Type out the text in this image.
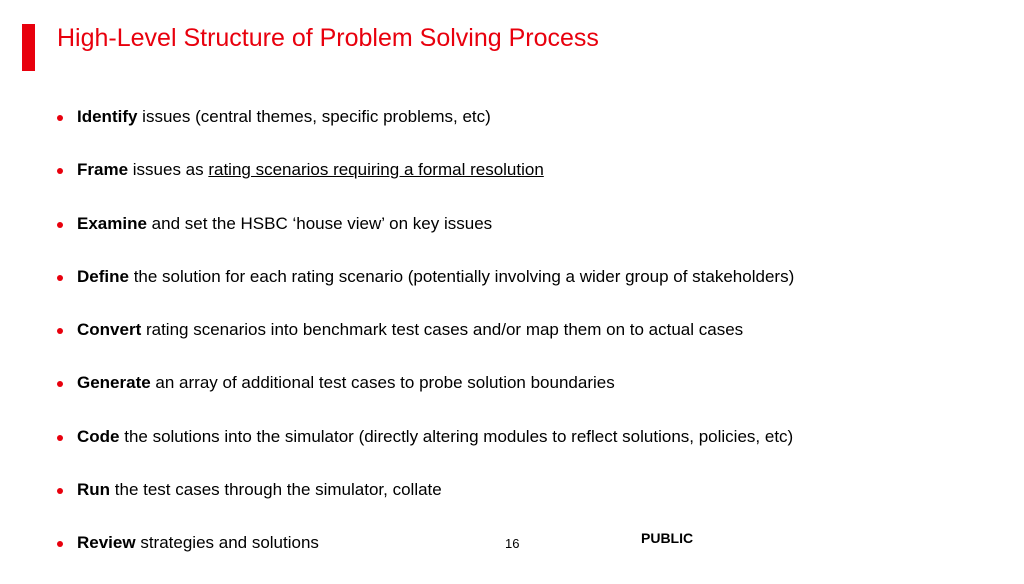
High-Level Structure of Problem Solving Process
Identify issues (central themes, specific problems, etc)
Frame issues as rating scenarios requiring a formal resolution
Examine and set the HSBC ‘house view’ on key issues
Define the solution for each rating scenario (potentially involving a wider group of stakeholders)
Convert rating scenarios into benchmark test cases and/or map them on to actual cases
Generate an array of additional test cases to probe solution boundaries
Code the solutions into the simulator (directly altering modules to reflect solutions, policies, etc)
Run the test cases through the simulator, collate
Review strategies and solutions	16	PUBLIC
